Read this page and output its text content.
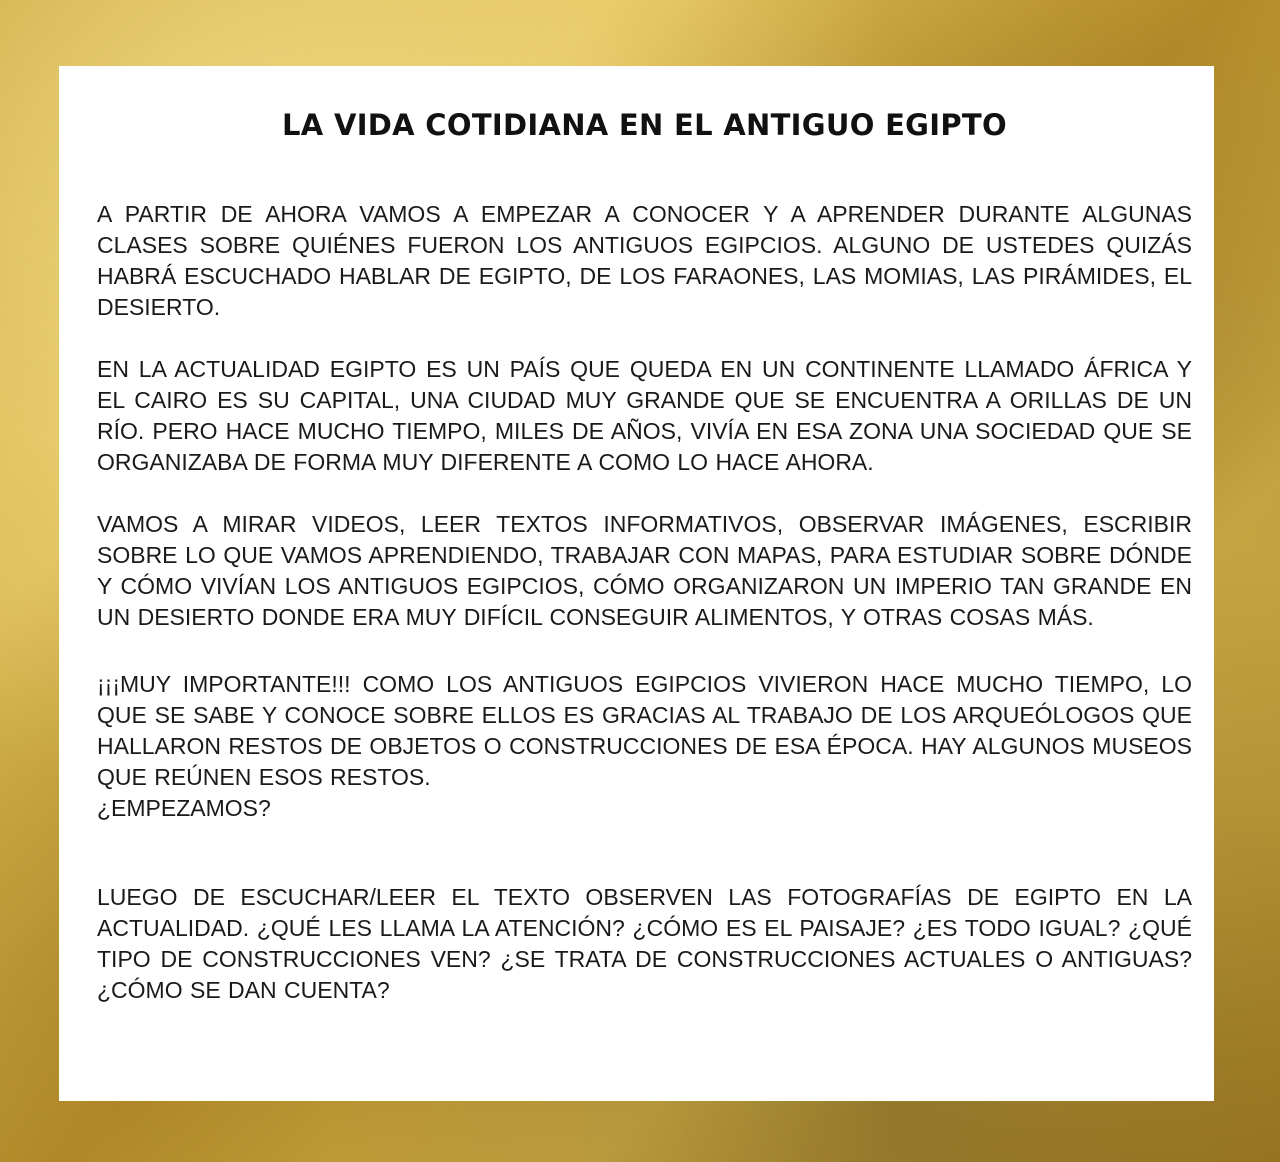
LA VIDA COTIDIANA EN EL ANTIGUO EGIPTO

A PARTIR DE AHORA VAMOS A EMPEZAR A CONOCER Y A APRENDER DURANTE ALGUNAS CLASES SOBRE QUIÉNES FUERON LOS ANTIGUOS EGIPCIOS. ALGUNO DE USTEDES QUIZÁS HABRÁ ESCUCHADO HABLAR DE EGIPTO, DE LOS FARAONES, LAS MOMIAS, LAS PIRÁMIDES, EL DESIERTO.

EN LA ACTUALIDAD EGIPTO ES UN PAÍS QUE QUEDA EN UN CONTINENTE LLAMADO ÁFRICA Y EL CAIRO ES SU CAPITAL, UNA CIUDAD MUY GRANDE QUE SE ENCUENTRA A ORILLAS DE UN RÍO. PERO HACE MUCHO TIEMPO, MILES DE AÑOS, VIVÍA EN ESA ZONA UNA SOCIEDAD QUE SE ORGANIZABA DE FORMA MUY DIFERENTE A COMO LO HACE AHORA.

VAMOS A MIRAR VIDEOS, LEER TEXTOS INFORMATIVOS, OBSERVAR IMÁGENES, ESCRIBIR SOBRE LO QUE VAMOS APRENDIENDO, TRABAJAR CON MAPAS, PARA ESTUDIAR SOBRE DÓNDE Y CÓMO VIVÍAN LOS ANTIGUOS EGIPCIOS, CÓMO ORGANIZARON UN IMPERIO TAN GRANDE EN UN DESIERTO DONDE ERA MUY DIFÍCIL CONSEGUIR ALIMENTOS, Y OTRAS COSAS MÁS.

¡¡¡MUY IMPORTANTE!!! COMO LOS ANTIGUOS EGIPCIOS VIVIERON HACE MUCHO TIEMPO, LO QUE SE SABE Y CONOCE SOBRE ELLOS ES GRACIAS AL TRABAJO DE LOS ARQUEÓLOGOS QUE HALLARON RESTOS DE OBJETOS O CONSTRUCCIONES DE ESA ÉPOCA. HAY ALGUNOS MUSEOS QUE REÚNEN ESOS RESTOS.
¿EMPEZAMOS?

LUEGO DE ESCUCHAR/LEER EL TEXTO OBSERVEN LAS FOTOGRAFÍAS DE EGIPTO EN LA ACTUALIDAD. ¿QUÉ LES LLAMA LA ATENCIÓN? ¿CÓMO ES EL PAISAJE? ¿ES TODO IGUAL? ¿QUÉ TIPO DE CONSTRUCCIONES VEN? ¿SE TRATA DE CONSTRUCCIONES ACTUALES O ANTIGUAS? ¿CÓMO SE DAN CUENTA?
